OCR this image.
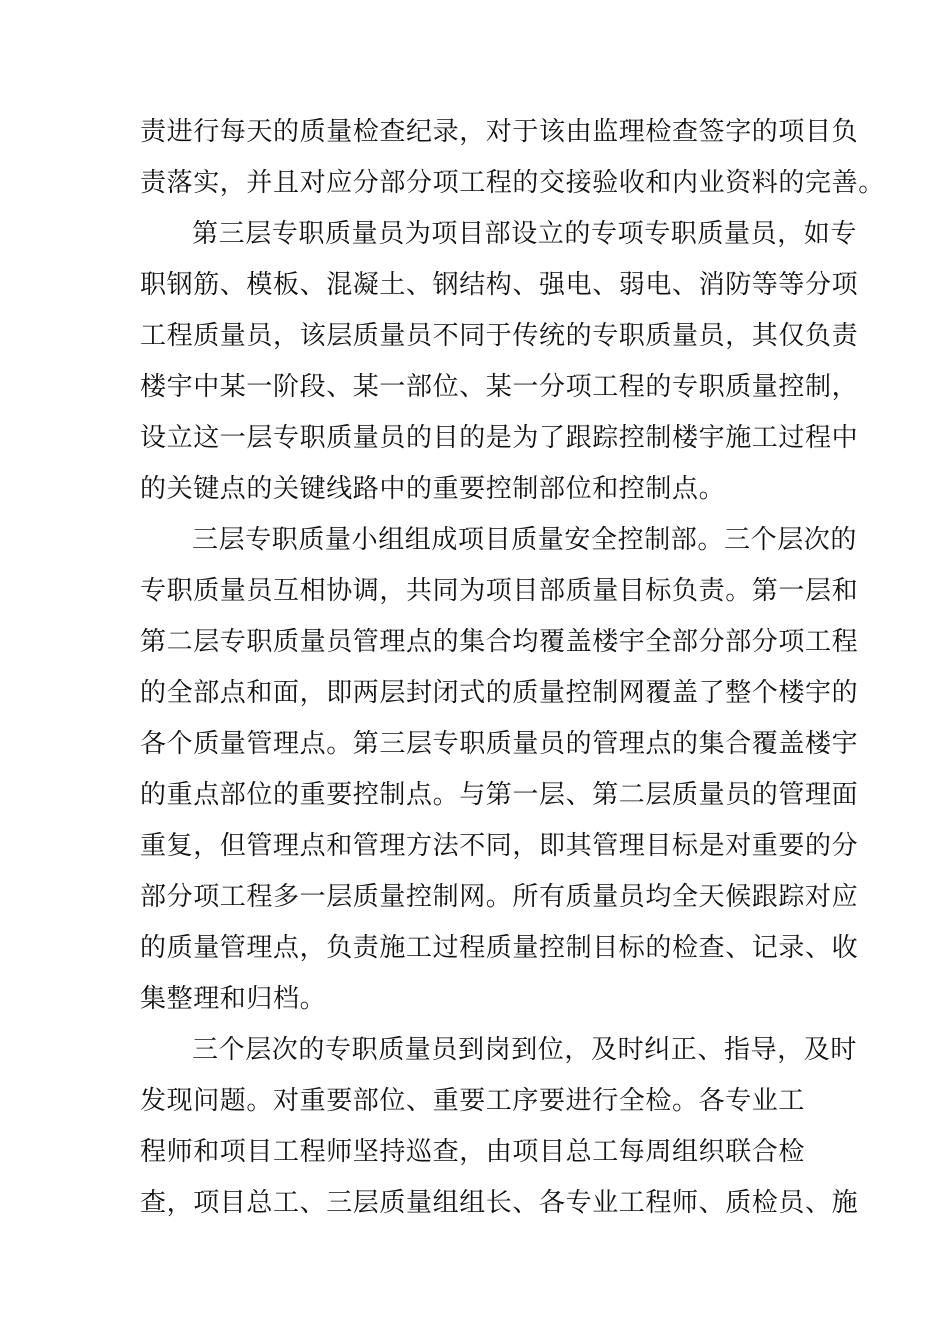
责进行每天的质量检查纪录，对于该由监理检查签字的项目负
责落实，并且对应分部分项工程的交接验收和内业资料的完善。
第三层专职质量员为项目部设立的专项专职质量员，如专
职钢筋、模板、混凝土、钢结构、强电、弱电、消防等等分项
工程质量员，该层质量员不同于传统的专职质量员，其仅负责
楼宇中某一阶段、某一部位、某一分项工程的专职质量控制，
设立这一层专职质量员的目的是为了跟踪控制楼宇施工过程中
的关键点的关键线路中的重要控制部位和控制点。
三层专职质量小组组成项目质量安全控制部。三个层次的
专职质量员互相协调，共同为项目部质量目标负责。第一层和
第二层专职质量员管理点的集合均覆盖楼宇全部分部分项工程
的全部点和面，即两层封闭式的质量控制网覆盖了整个楼宇的
各个质量管理点。第三层专职质量员的管理点的集合覆盖楼宇
的重点部位的重要控制点。与第一层、第二层质量员的管理面
重复，但管理点和管理方法不同，即其管理目标是对重要的分
部分项工程多一层质量控制网。所有质量员均全天候跟踪对应
的质量管理点，负责施工过程质量控制目标的检查、记录、收
集整理和归档。
三个层次的专职质量员到岗到位，及时纠正、指导，及时
发现问题。对重要部位、重要工序要进行全检。各专业工
程师和项目工程师坚持巡查，由项目总工每周组织联合检
查，项目总工、三层质量组组长、各专业工程师、质检员、施
